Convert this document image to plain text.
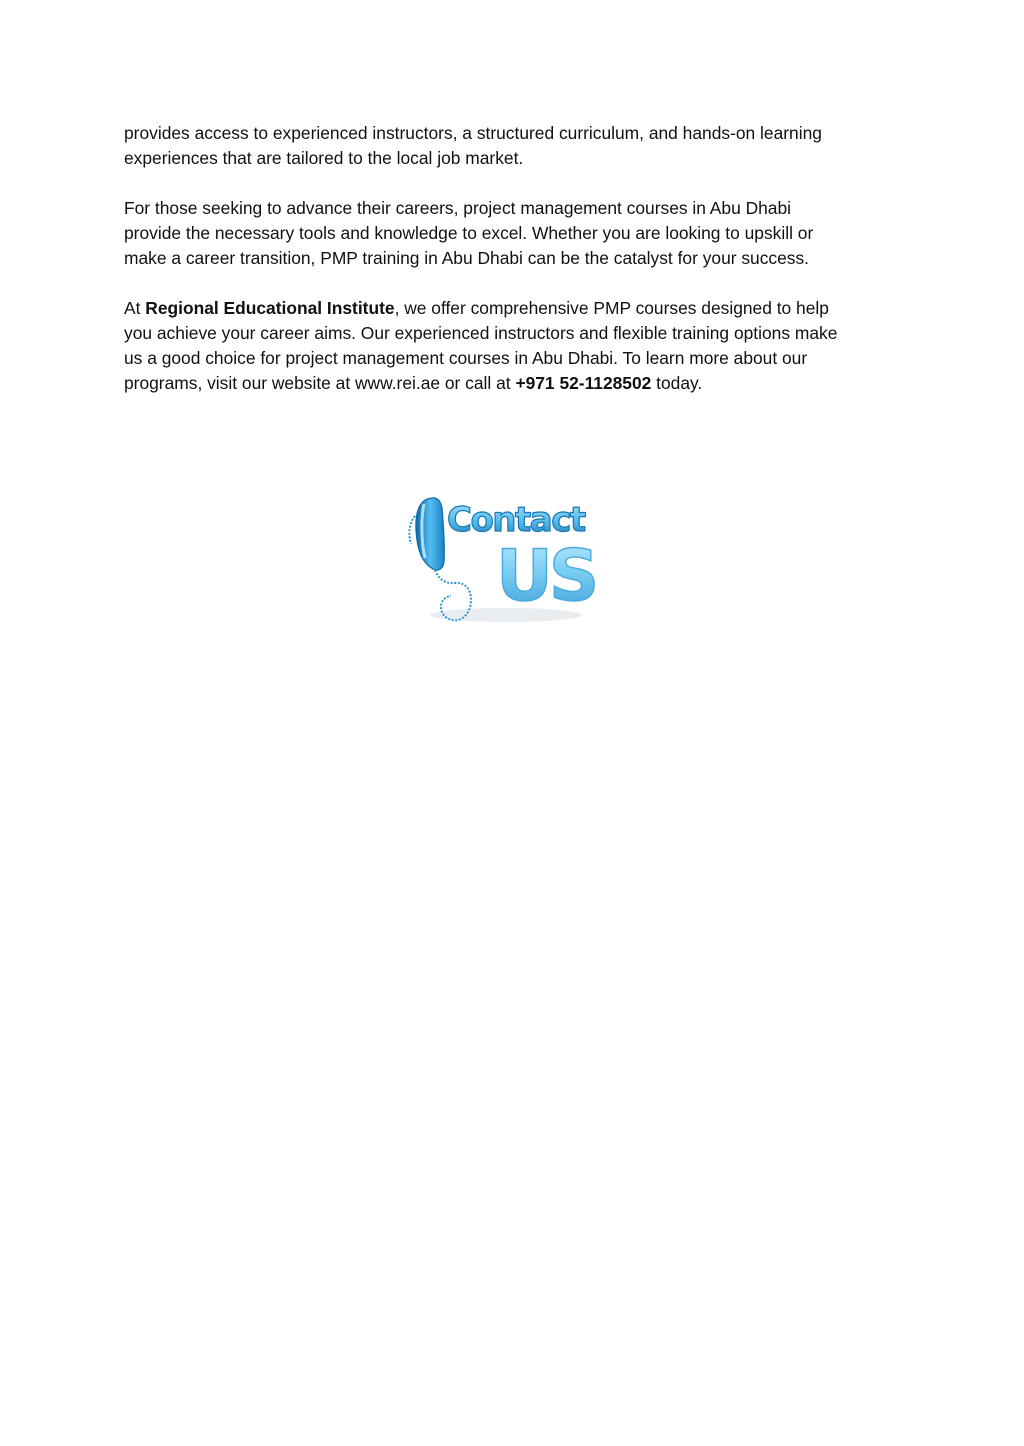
provides access to experienced instructors, a structured curriculum, and hands-on learning
experiences that are tailored to the local job market.

For those seeking to advance their careers, project management courses in Abu Dhabi
provide the necessary tools and knowledge to excel. Whether you are looking to upskill or
make a career transition, PMP training in Abu Dhabi can be the catalyst for your success.

At Regional Educational Institute, we offer comprehensive PMP courses designed to help
you achieve your career aims. Our experienced instructors and flexible training options make
us a good choice for project management courses in Abu Dhabi. To learn more about our
programs, visit our website at www.rei.ae or call at +971 52-1128502 today.

Contact
US
